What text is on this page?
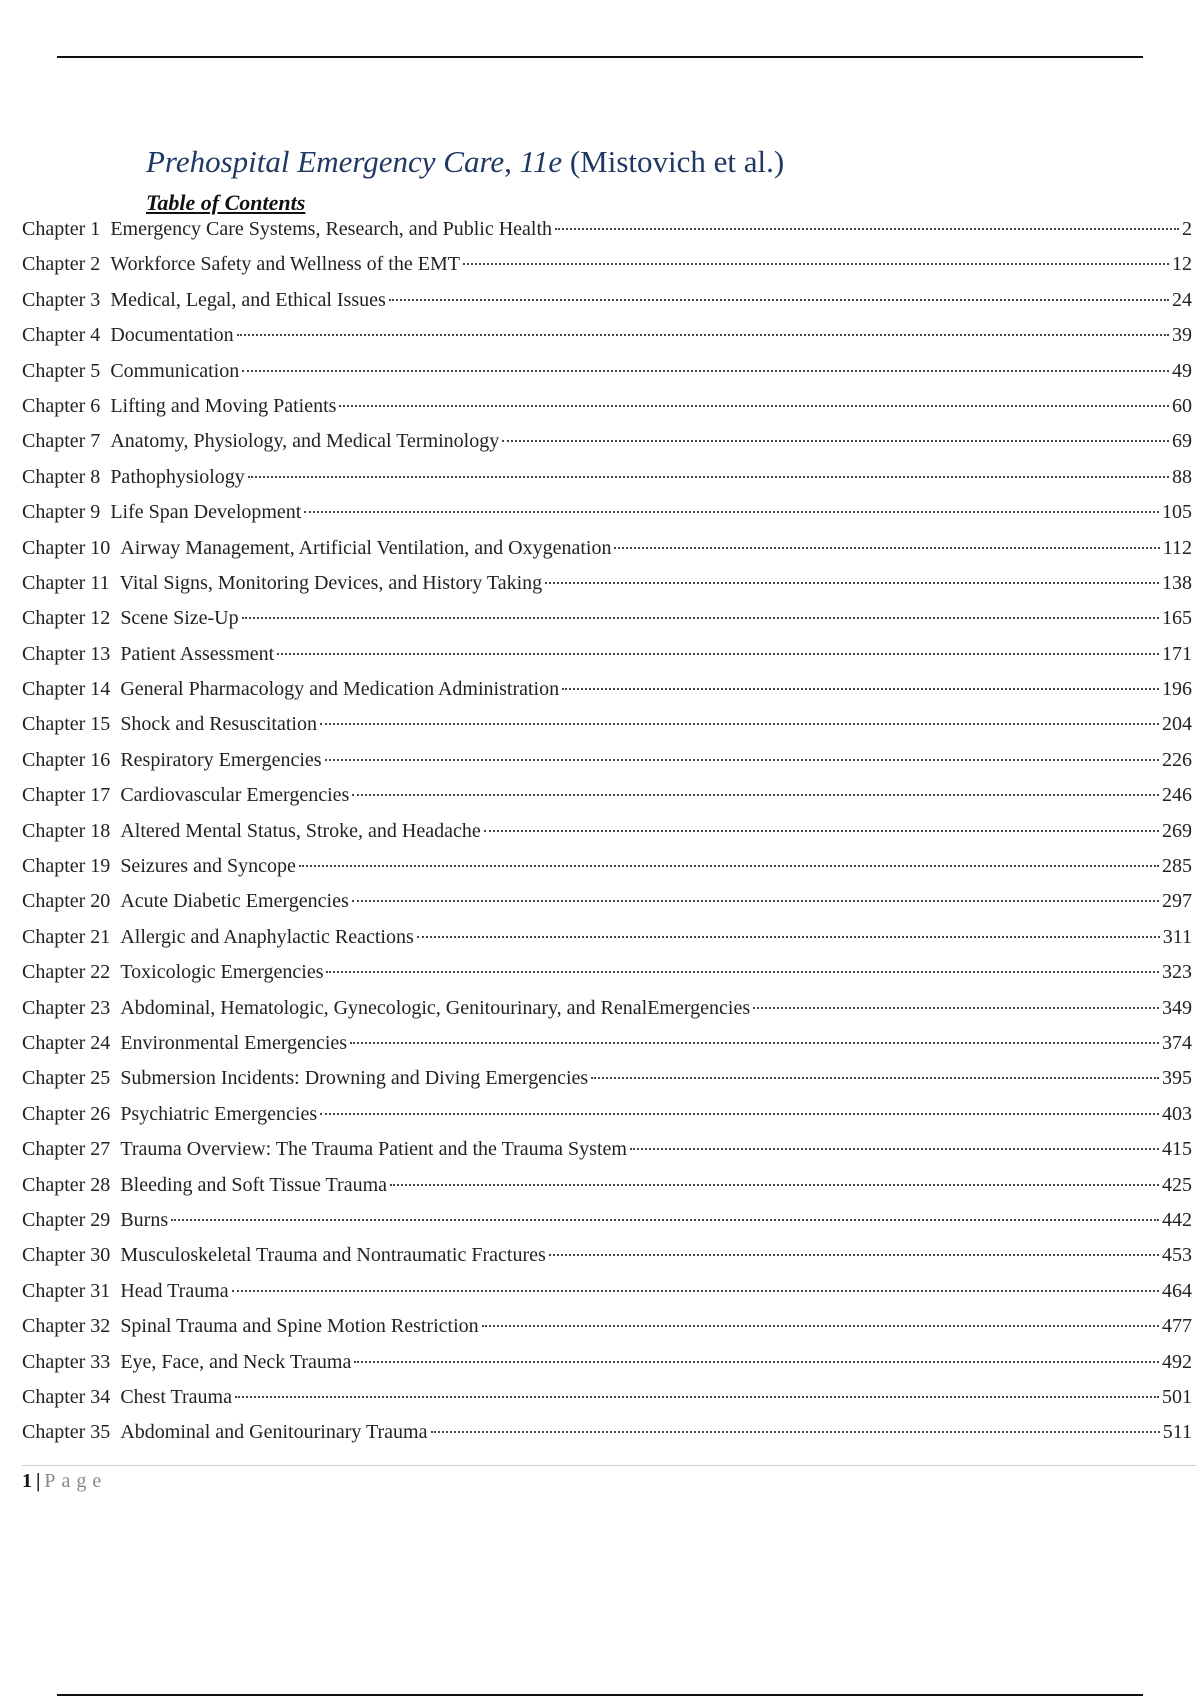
Prehospital Emergency Care, 11e (Mistovich et al.)
Table of Contents
Chapter 1 Emergency Care Systems, Research, and Public Health	2
Chapter 2 Workforce Safety and Wellness of the EMT	12
Chapter 3 Medical, Legal, and Ethical Issues	24
Chapter 4 Documentation	39
Chapter 5 Communication	49
Chapter 6 Lifting and Moving Patients	60
Chapter 7 Anatomy, Physiology, and Medical Terminology	69
Chapter 8 Pathophysiology	88
Chapter 9 Life Span Development	105
Chapter 10 Airway Management, Artificial Ventilation, and Oxygenation	112
Chapter 11 Vital Signs, Monitoring Devices, and History Taking	138
Chapter 12 Scene Size-Up	165
Chapter 13 Patient Assessment	171
Chapter 14 General Pharmacology and Medication Administration	196
Chapter 15 Shock and Resuscitation	204
Chapter 16 Respiratory Emergencies	226
Chapter 17 Cardiovascular Emergencies	246
Chapter 18 Altered Mental Status, Stroke, and Headache	269
Chapter 19 Seizures and Syncope	285
Chapter 20 Acute Diabetic Emergencies	297
Chapter 21 Allergic and Anaphylactic Reactions	311
Chapter 22 Toxicologic Emergencies	323
Chapter 23 Abdominal, Hematologic, Gynecologic, Genitourinary, and RenalEmergencies	349
Chapter 24 Environmental Emergencies	374
Chapter 25 Submersion Incidents: Drowning and Diving Emergencies	395
Chapter 26 Psychiatric Emergencies	403
Chapter 27 Trauma Overview: The Trauma Patient and the Trauma System	415
Chapter 28 Bleeding and Soft Tissue Trauma	425
Chapter 29 Burns	442
Chapter 30 Musculoskeletal Trauma and Nontraumatic Fractures	453
Chapter 31 Head Trauma	464
Chapter 32 Spinal Trauma and Spine Motion Restriction	477
Chapter 33 Eye, Face, and Neck Trauma	492
Chapter 34 Chest Trauma	501
Chapter 35 Abdominal and Genitourinary Trauma	511
1 | Page
